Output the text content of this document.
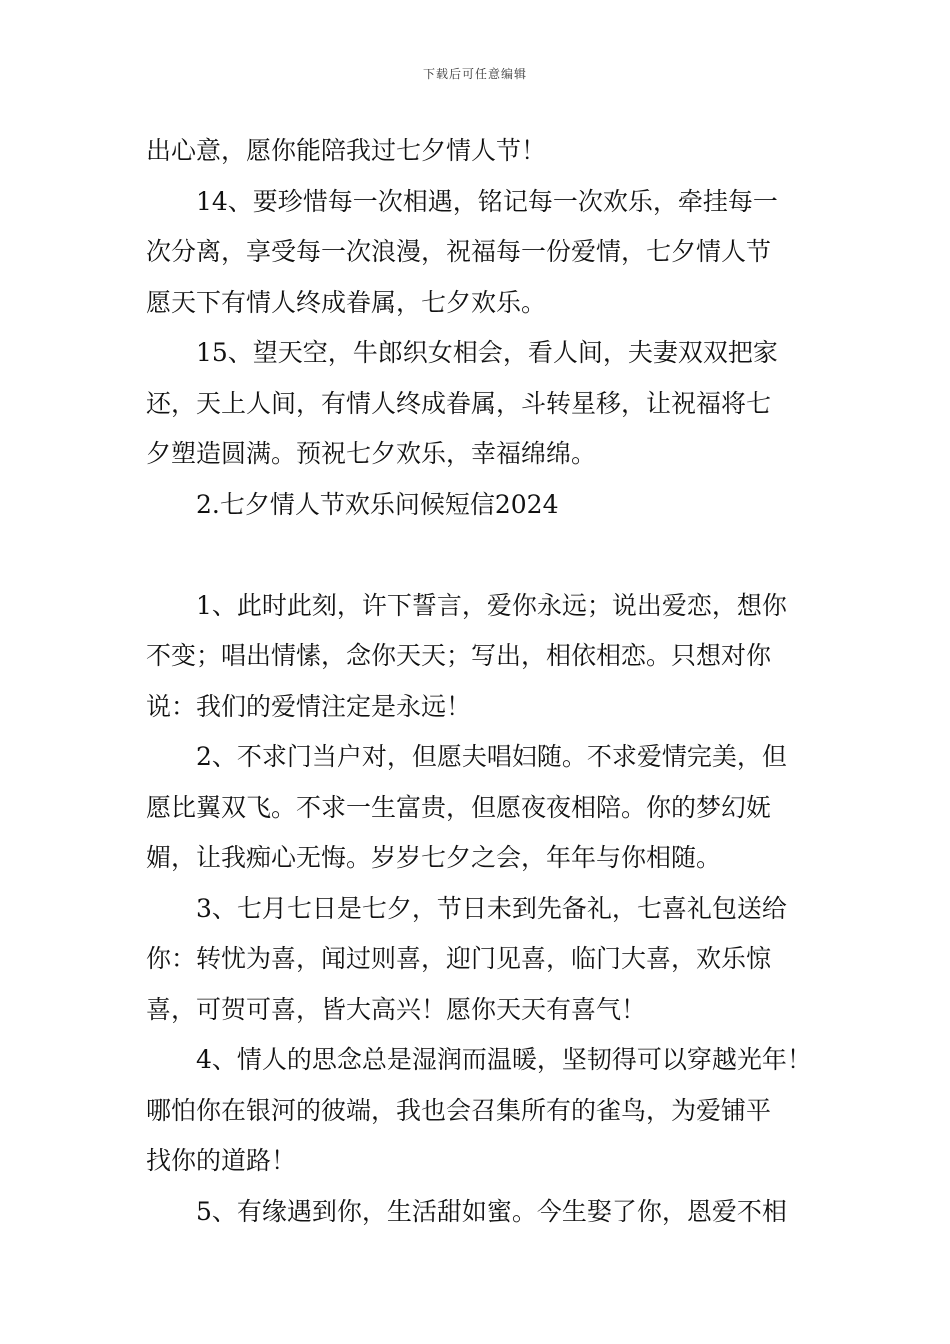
下载后可任意编辑
出心意，愿你能陪我过七夕情人节！
14、要珍惜每一次相遇，铭记每一次欢乐，牵挂每一
次分离，享受每一次浪漫，祝福每一份爱情，七夕情人节
愿天下有情人终成眷属，七夕欢乐。
15、望天空，牛郎织女相会，看人间，夫妻双双把家
还，天上人间，有情人终成眷属，斗转星移，让祝福将七
夕塑造圆满。预祝七夕欢乐，幸福绵绵。
2.七夕情人节欢乐问候短信2024
1、此时此刻，许下誓言，爱你永远；说出爱恋，想你
不变；唱出情愫，念你天天；写出，相依相恋。只想对你
说：我们的爱情注定是永远！
2、不求门当户对，但愿夫唱妇随。不求爱情完美，但
愿比翼双飞。不求一生富贵，但愿夜夜相陪。你的梦幻妩
媚，让我痴心无悔。岁岁七夕之会，年年与你相随。
3、七月七日是七夕，节日未到先备礼，七喜礼包送给
你：转忧为喜，闻过则喜，迎门见喜，临门大喜，欢乐惊
喜，可贺可喜，皆大高兴！愿你天天有喜气！
4、情人的思念总是湿润而温暖，坚韧得可以穿越光年！
哪怕你在银河的彼端，我也会召集所有的雀鸟，为爱铺平
找你的道路！
5、有缘遇到你，生活甜如蜜。今生娶了你，恩爱不相
